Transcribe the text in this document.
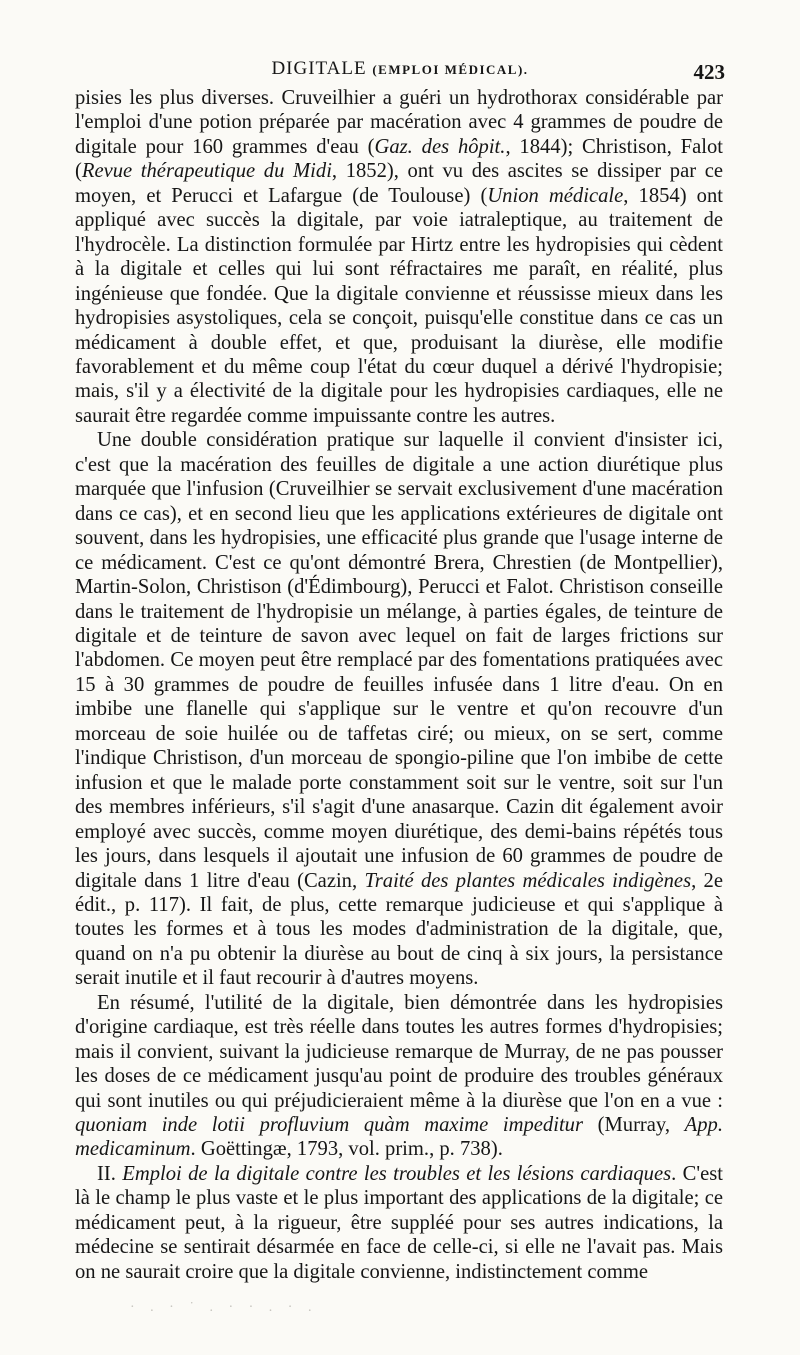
DIGITALE (EMPLOI MÉDICAL).	423

pisies les plus diverses. Cruveilhier a guéri un hydrothorax considérable par l'emploi d'une potion préparée par macération avec 4 grammes de poudre de digitale pour 160 grammes d'eau (Gaz. des hôpit., 1844); Christison, Falot (Revue thérapeutique du Midi, 1852), ont vu des ascites se dissiper par ce moyen, et Perucci et Lafargue (de Toulouse) (Union médicale, 1854) ont appliqué avec succès la digitale, par voie iatraleptique, au traitement de l'hydrocèle. La distinction formulée par Hirtz entre les hydropisies qui cèdent à la digitale et celles qui lui sont réfractaires me paraît, en réalité, plus ingénieuse que fondée. Que la digitale convienne et réussisse mieux dans les hydropisies asystoliques, cela se conçoit, puisqu'elle constitue dans ce cas un médicament à double effet, et que, produisant la diurèse, elle modifie favorablement et du même coup l'état du cœur duquel a dérivé l'hydropisie; mais, s'il y a électivité de la digitale pour les hydropisies cardiaques, elle ne saurait être regardée comme impuissante contre les autres.

Une double considération pratique sur laquelle il convient d'insister ici, c'est que la macération des feuilles de digitale a une action diurétique plus marquée que l'infusion (Cruveilhier se servait exclusivement d'une macération dans ce cas), et en second lieu que les applications extérieures de digitale ont souvent, dans les hydropisies, une efficacité plus grande que l'usage interne de ce médicament. C'est ce qu'ont démontré Brera, Chrestien (de Montpellier), Martin-Solon, Christison (d'Édimbourg), Perucci et Falot. Christison conseille dans le traitement de l'hydropisie un mélange, à parties égales, de teinture de digitale et de teinture de savon avec lequel on fait de larges frictions sur l'abdomen. Ce moyen peut être remplacé par des fomentations pratiquées avec 15 à 30 grammes de poudre de feuilles infusée dans 1 litre d'eau. On en imbibe une flanelle qui s'applique sur le ventre et qu'on recouvre d'un morceau de soie huilée ou de taffetas ciré; ou mieux, on se sert, comme l'indique Christison, d'un morceau de spongio-piline que l'on imbibe de cette infusion et que le malade porte constamment soit sur le ventre, soit sur l'un des membres inférieurs, s'il s'agit d'une anasarque. Cazin dit également avoir employé avec succès, comme moyen diurétique, des demi-bains répétés tous les jours, dans lesquels il ajoutait une infusion de 60 grammes de poudre de digitale dans 1 litre d'eau (Cazin, Traité des plantes médicales indigènes, 2e édit., p. 117). Il fait, de plus, cette remarque judicieuse et qui s'applique à toutes les formes et à tous les modes d'administration de la digitale, que, quand on n'a pu obtenir la diurèse au bout de cinq à six jours, la persistance serait inutile et il faut recourir à d'autres moyens.

En résumé, l'utilité de la digitale, bien démontrée dans les hydropisies d'origine cardiaque, est très réelle dans toutes les autres formes d'hydropisies; mais il convient, suivant la judicieuse remarque de Murray, de ne pas pousser les doses de ce médicament jusqu'au point de produire des troubles généraux qui sont inutiles ou qui préjudicieraient même à la diurèse que l'on en a vue : quoniam inde lotii profluvium quàm maxime impeditur (Murray, App. medicaminum. Goëttingæ, 1793, vol. prim., p. 738).

II. Emploi de la digitale contre les troubles et les lésions cardiaques. C'est là le champ le plus vaste et le plus important des applications de la digitale; ce médicament peut, à la rigueur, être suppléé pour ses autres indications, la médecine se sentirait désarmée en face de celle-ci, si elle ne l'avait pas. Mais on ne saurait croire que la digitale convienne, indistinctement comme

· . · ˙ . · · . · .
